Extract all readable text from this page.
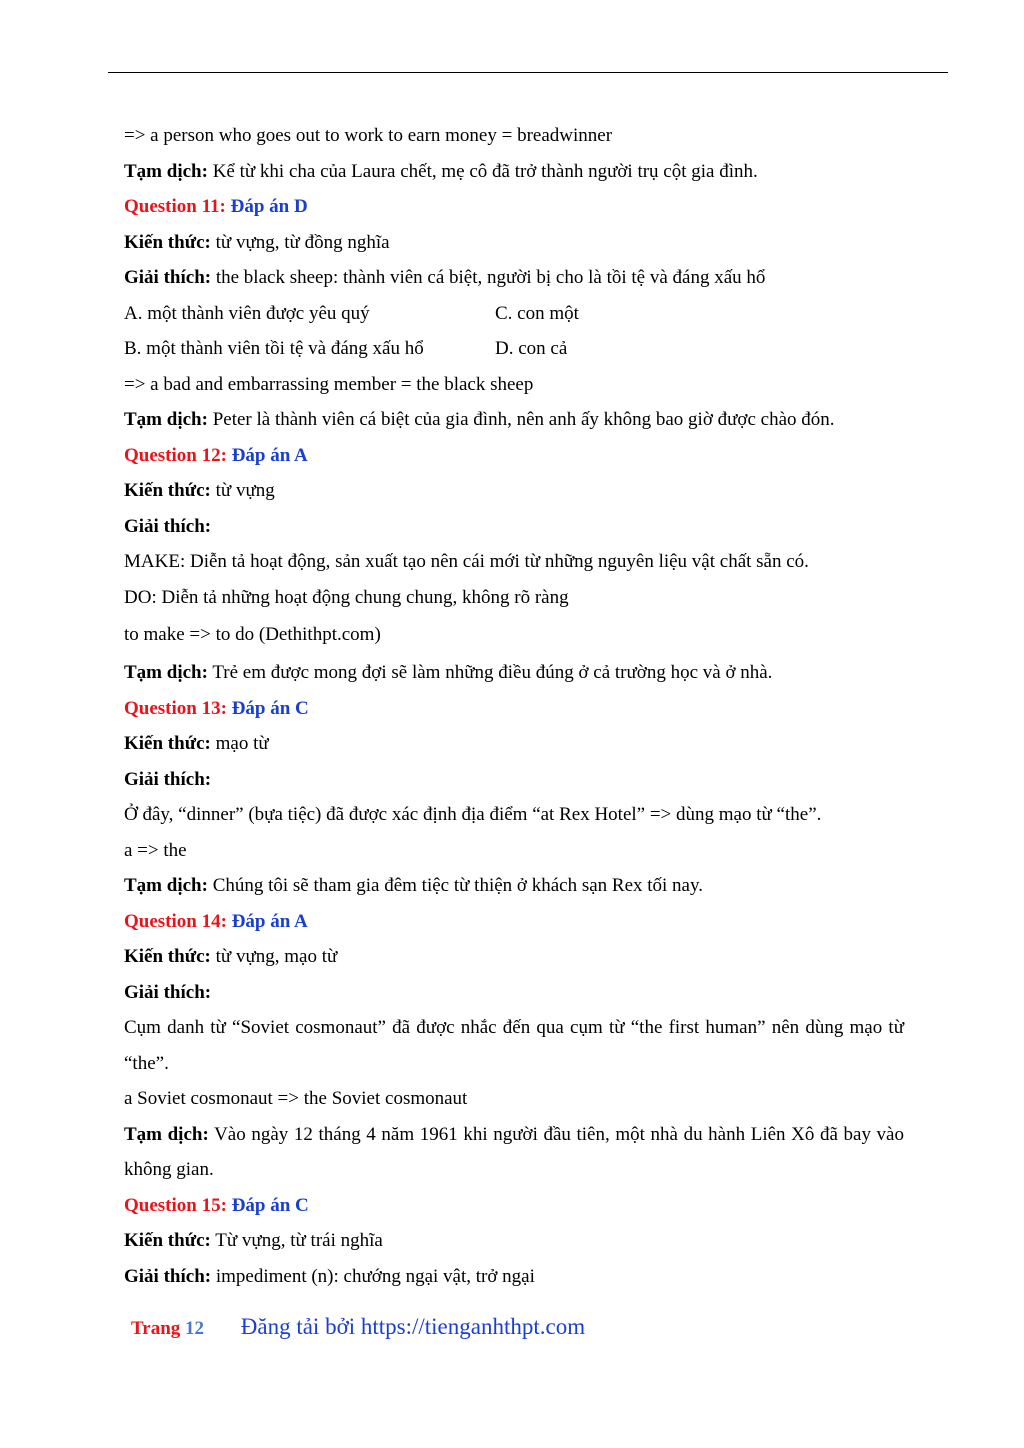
=> a person who goes out to work to earn money = breadwinner
Tạm dịch: Kể từ khi cha của Laura chết, mẹ cô đã trở thành người trụ cột gia đình.
Question 11: Đáp án D
Kiến thức: từ vựng, từ đồng nghĩa
Giải thích: the black sheep: thành viên cá biệt, người bị cho là tồi tệ và đáng xấu hổ
A. một thành viên được yêu quý	C. con một
B. một thành viên tồi tệ và đáng xấu hổ	D. con cả
=> a bad and embarrassing member = the black sheep
Tạm dịch: Peter là thành viên cá biệt của gia đình, nên anh ấy không bao giờ được chào đón.
Question 12: Đáp án A
Kiến thức: từ vựng
Giải thích:
MAKE: Diễn tả hoạt động, sản xuất tạo nên cái mới từ những nguyên liệu vật chất sẵn có.
DO: Diễn tả những hoạt động chung chung, không rõ ràng
to make => to do (Dethithpt.com)
Tạm dịch: Trẻ em được mong đợi sẽ làm những điều đúng ở cả trường học và ở nhà.
Question 13: Đáp án C
Kiến thức: mạo từ
Giải thích:
Ở đây, “dinner” (bựa tiệc) đã được xác định địa điểm “at Rex Hotel” => dùng mạo từ “the”.
a => the
Tạm dịch: Chúng tôi sẽ tham gia đêm tiệc từ thiện ở khách sạn Rex tối nay.
Question 14: Đáp án A
Kiến thức: từ vựng, mạo từ
Giải thích:
Cụm danh từ “Soviet cosmonaut” đã được nhắc đến qua cụm từ “the first human” nên dùng mạo từ “the”.
a Soviet cosmonaut => the Soviet cosmonaut
Tạm dịch: Vào ngày 12 tháng 4 năm 1961 khi người đầu tiên, một nhà du hành Liên Xô đã bay vào không gian.
Question 15: Đáp án C
Kiến thức: Từ vựng, từ trái nghĩa
Giải thích: impediment (n): chướng ngại vật, trở ngại
Trang 12 Đăng tải bởi https://tienganhthpt.com
